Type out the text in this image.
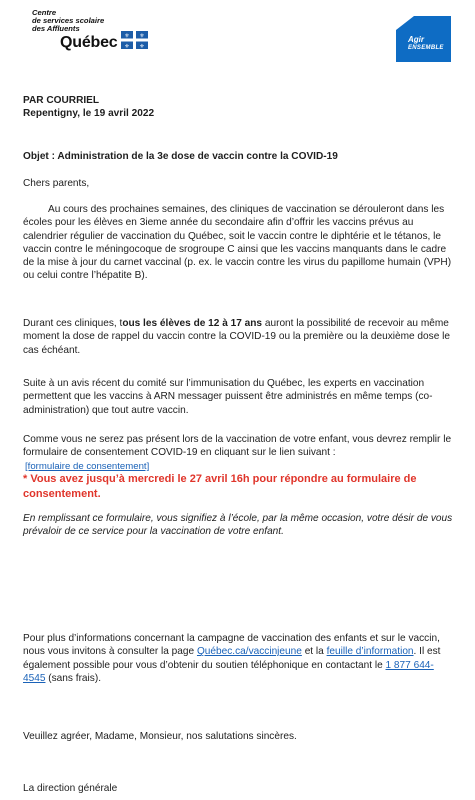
Centre
de services scolaire
des Affluents
Québec ⚜ ⚜
⚜ ⚜
Agir
ENSEMBLE
PAR COURRIEL
Repentigny, le 19 avril 2022
Objet : Administration de la 3e dose de vaccin contre la COVID-19
Chers parents,
Au cours des prochaines semaines, des cliniques de vaccination se dérouleront dans les écoles pour les élèves en 3ieme année du secondaire afin d’offrir les vaccins prévus au calendrier régulier de vaccination du Québec, soit le vaccin contre le diphtérie et le tétanos, le vaccin contre le méningocoque de srogroupe C ainsi que les vaccins manquants dans le cadre de la mise à jour du carnet vaccinal (p. ex. le vaccin contre les virus du papillome humain (VPH) ou celui contre l’hépatite B).
Durant ces cliniques, tous les élèves de 12 à 17 ans auront la possibilité de recevoir au même moment la dose de rappel du vaccin contre la COVID-19 ou la première ou la deuxième dose le cas échéant.
Suite à un avis récent du comité sur l’immunisation du Québec, les experts en vaccination permettent que les vaccins à ARN messager puissent être administrés en même temps (co-administration) que tout autre vaccin.
Comme vous ne serez pas présent lors de la vaccination de votre enfant, vous devrez remplir le formulaire de consentement COVID-19 en cliquant sur le lien suivant :
[formulaire de consentement]
* Vous avez jusqu’à mercredi le 27 avril 16h pour répondre au formulaire de consentement.
En remplissant ce formulaire, vous signifiez à l’école, par la même occasion, votre désir de vous prévaloir de ce service pour la vaccination de votre enfant.
Pour plus d’informations concernant la campagne de vaccination des enfants et sur le vaccin, nous vous invitons à consulter la page Québec.ca/vaccinjeune et la feuille d’information. Il est également possible pour vous d’obtenir du soutien téléphonique en contactant le 1 877 644-4545 (sans frais).
Veuillez agréer, Madame, Monsieur, nos salutations sincères.
La direction générale
